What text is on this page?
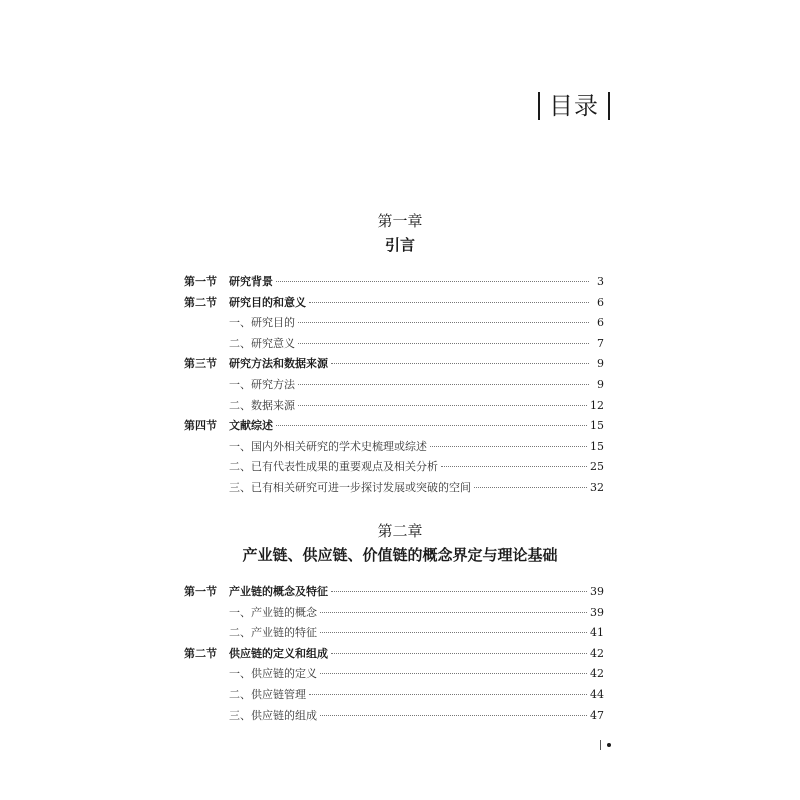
目录
第一章
引言
第一节	研究背景	3
第二节	研究目的和意义	6
一、研究目的	6
二、研究意义	7
第三节	研究方法和数据来源	9
一、研究方法	9
二、数据来源	12
第四节	文献综述	15
一、国内外相关研究的学术史梳理或综述	15
二、已有代表性成果的重要观点及相关分析	25
三、已有相关研究可进一步探讨发展或突破的空间	32
第二章
产业链、供应链、价值链的概念界定与理论基础
第一节	产业链的概念及特征	39
一、产业链的概念	39
二、产业链的特征	41
第二节	供应链的定义和组成	42
一、供应链的定义	42
二、供应链管理	44
三、供应链的组成	47
